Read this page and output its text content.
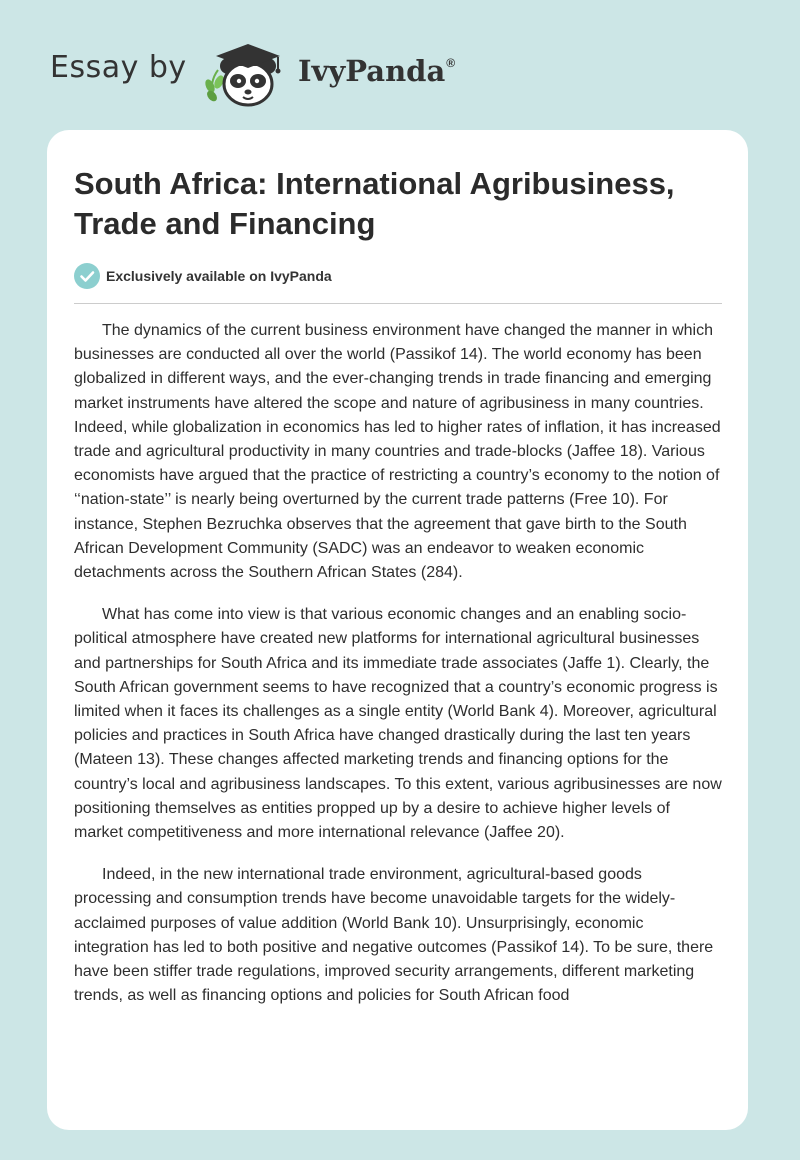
Essay by	IvyPanda®
South Africa: International Agribusiness, Trade and Financing
Exclusively available on IvyPanda

The dynamics of the current business environment have changed the manner in which businesses are conducted all over the world (Passikof 14). The world economy has been globalized in different ways, and the ever-changing trends in trade financing and emerging market instruments have altered the scope and nature of agribusiness in many countries. Indeed, while globalization in economics has led to higher rates of inflation, it has increased trade and agricultural productivity in many countries and trade-blocks (Jaffee 18). Various economists have argued that the practice of restricting a country’s economy to the notion of ‘‘nation-state’’ is nearly being overturned by the current trade patterns (Free 10). For instance, Stephen Bezruchka observes that the agreement that gave birth to the South African Development Community (SADC) was an endeavor to weaken economic detachments across the Southern African States (284).

What has come into view is that various economic changes and an enabling socio-political atmosphere have created new platforms for international agricultural businesses and partnerships for South Africa and its immediate trade associates (Jaffe 1). Clearly, the South African government seems to have recognized that a country’s economic progress is limited when it faces its challenges as a single entity (World Bank 4). Moreover, agricultural policies and practices in South Africa have changed drastically during the last ten years (Mateen 13). These changes affected marketing trends and financing options for the country’s local and agribusiness landscapes. To this extent, various agribusinesses are now positioning themselves as entities propped up by a desire to achieve higher levels of market competitiveness and more international relevance (Jaffee 20).

Indeed, in the new international trade environment, agricultural-based goods processing and consumption trends have become unavoidable targets for the widely-acclaimed purposes of value addition (World Bank 10). Unsurprisingly, economic integration has led to both positive and negative outcomes (Passikof 14). To be sure, there have been stiffer trade regulations, improved security arrangements, different marketing trends, as well as financing options and policies for South African food
